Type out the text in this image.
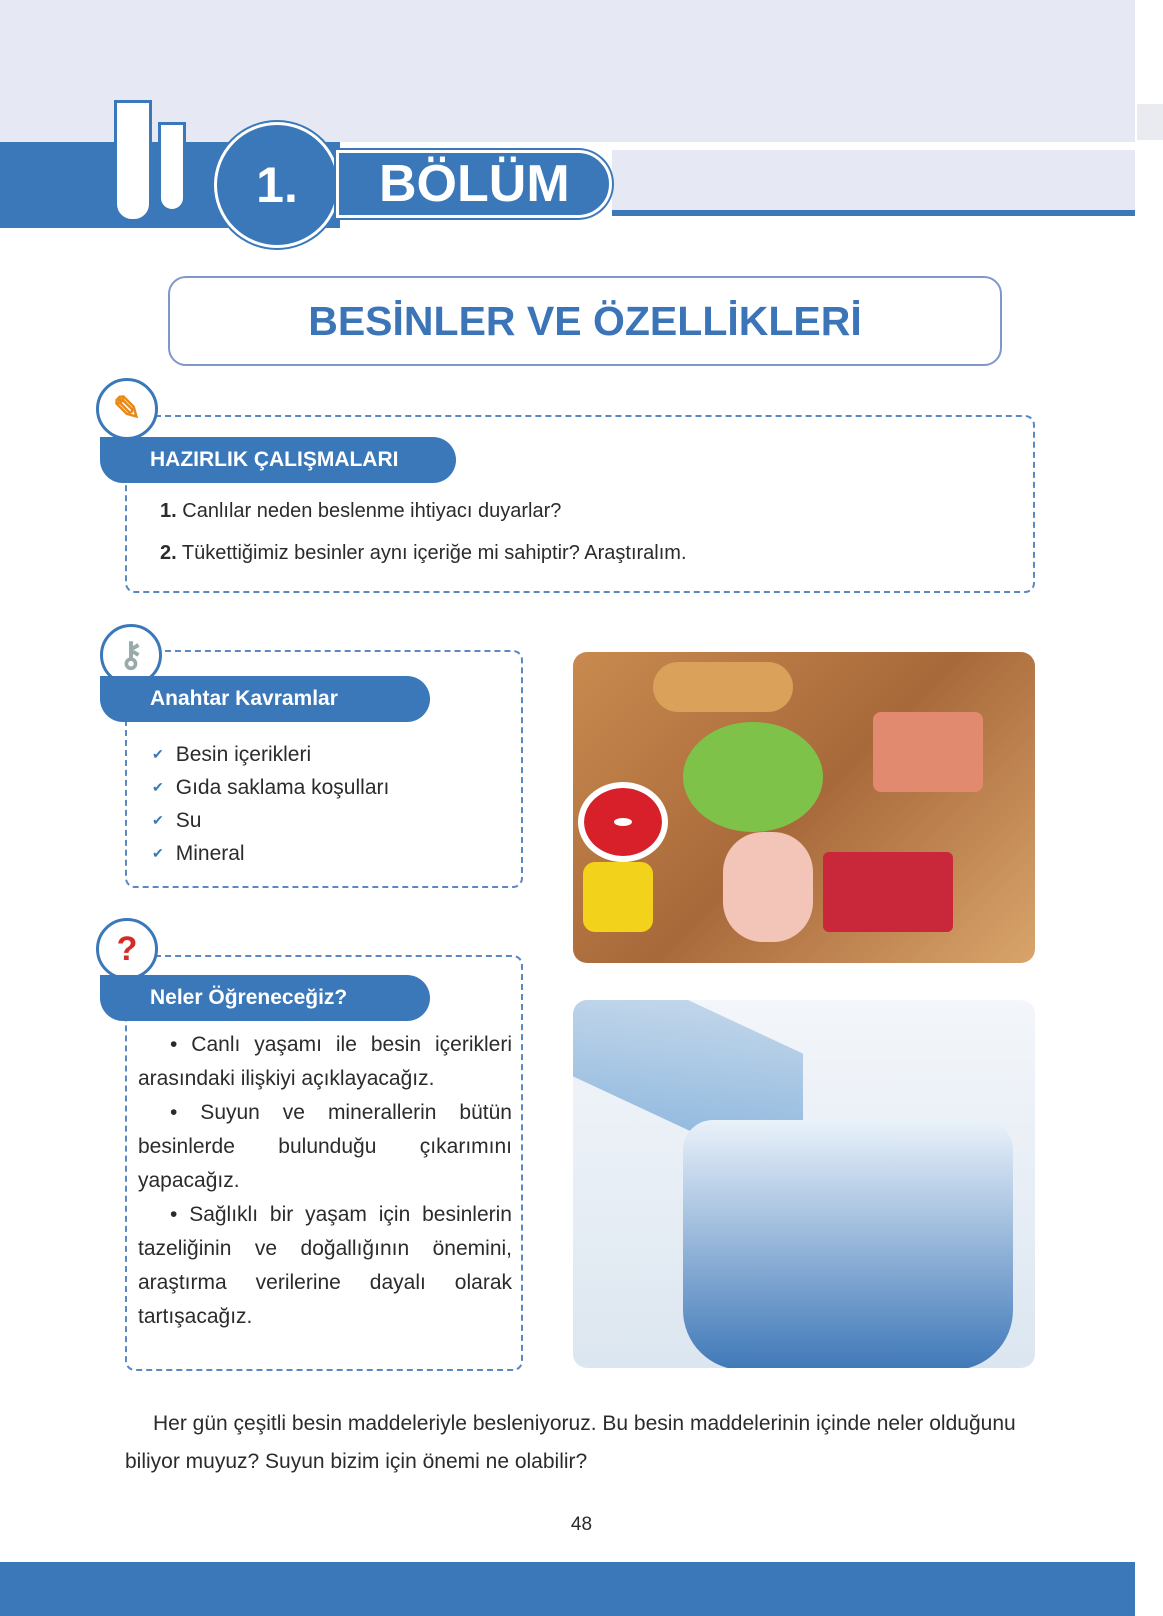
1.	BÖLÜM
BESİNLER VE ÖZELLİKLERİ
✎
HAZIRLIK ÇALIŞMALARI
1. Canlılar neden beslenme ihtiyacı duyarlar?
2. Tükettiğimiz besinler aynı içeriğe mi sahiptir? Araştıralım.
⚷
Anahtar Kavramlar
✔ Besin içerikleri
✔ Gıda saklama koşulları
✔ Su
✔ Mineral
?
Neler Öğreneceğiz?

• Canlı yaşamı ile besin içerikleri arasındaki ilişkiyi açıklayacağız.

• Suyun ve minerallerin bütün besinlerde bulunduğu çıkarımını yapacağız.

• Sağlıklı bir yaşam için besinlerin tazeliğinin ve doğallığının önemini, araştırma verilerine dayalı olarak tartışacağız.

Her gün çeşitli besin maddeleriyle besleniyoruz. Bu besin maddelerinin içinde neler olduğunu biliyor muyuz? Suyun bizim için önemi ne olabilir?
48
